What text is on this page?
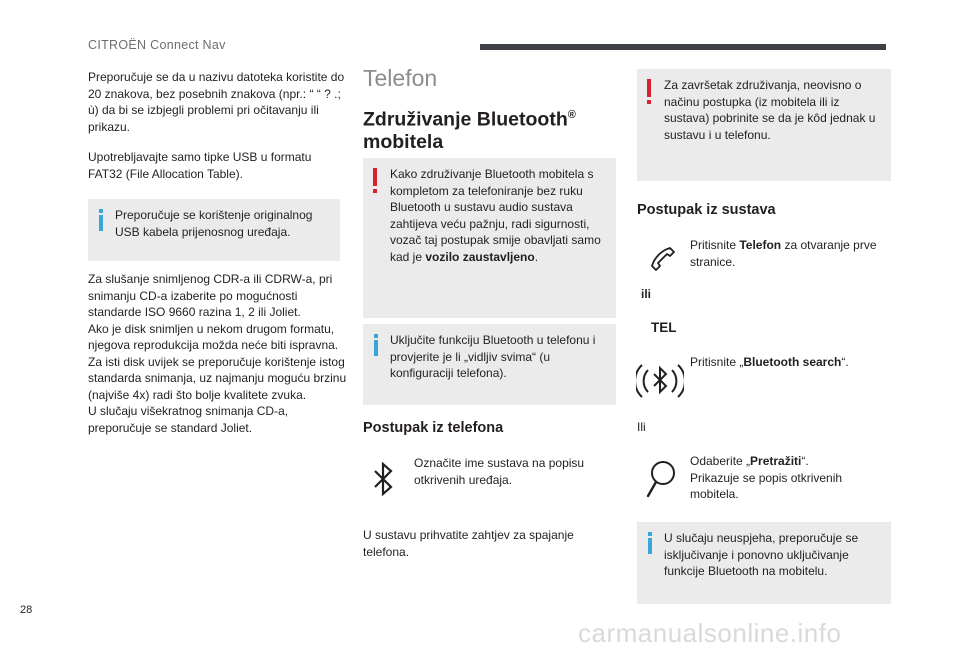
CITROËN Connect Nav

Preporučuje se da u nazivu datoteka koristite do 20 znakova, bez posebnih znakova (npr.: “ “ ? .; ù) da bi se izbjegli problemi pri očitavanju ili prikazu.

Upotrebljavajte samo tipke USB u formatu FAT32 (File Allocation Table).

Preporučuje se korištenje originalnog USB kabela prijenosnog uređaja.

Za slušanje snimljenog CDR-a ili CDRW-a, pri snimanju CD-a izaberite po mogućnosti standarde ISO 9660 razina 1, 2 ili Joliet.
Ako je disk snimljen u nekom drugom formatu, njegova reprodukcija možda neće biti ispravna.
Za isti disk uvijek se preporučuje korištenje istog standarda snimanja, uz najmanju moguću brzinu (najviše 4x) radi što bolje kvalitete zvuka.
U slučaju višekratnog snimanja CD-a, preporučuje se standard Joliet.

Telefon
Združivanje Bluetooth®
mobitela

Kako združivanje Bluetooth mobitela s kompletom za telefoniranje bez ruku Bluetooth u sustavu audio sustava zahtijeva veću pažnju, radi sigurnosti, vozač taj postupak smije obavljati samo kad je vozilo zaustavljeno.

Uključite funkciju Bluetooth u telefonu i provjerite je li „vidljiv svima“ (u konfiguraciji telefona).

Postupak iz telefona

Označite ime sustava na popisu otkrivenih uređaja.

U sustavu prihvatite zahtjev za spajanje telefona.

Za završetak združivanja, neovisno o načinu postupka (iz mobitela ili iz sustava) pobrinite se da je kôd jednak u sustavu i u telefonu.

Postupak iz sustava

Pritisnite Telefon za otvaranje prve stranice.

ili
TEL

Pritisnite „Bluetooth search“.

Ili

Odaberite „Pretražiti“.
Prikazuje se popis otkrivenih mobitela.

U slučaju neuspjeha, preporučuje se isključivanje i ponovno uključivanje funkcije Bluetooth na mobitelu.

28
carmanualsonline.info
